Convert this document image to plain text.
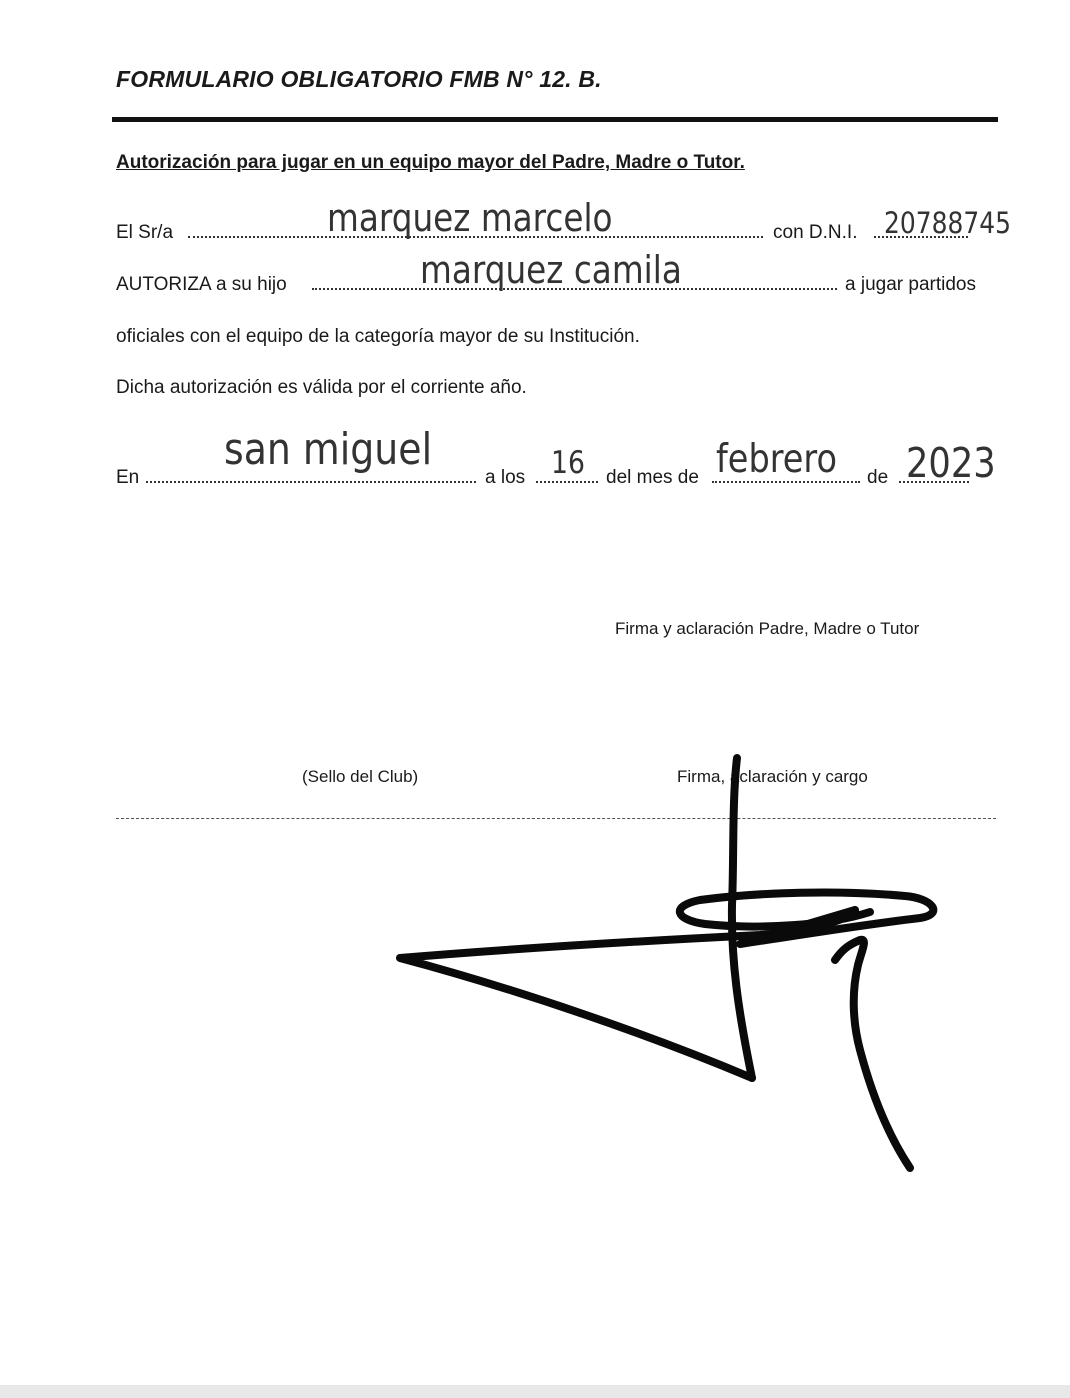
FORMULARIO OBLIGATORIO FMB N° 12. B.
Autorización para jugar en un equipo mayor del Padre, Madre o Tutor.
El Sr/a	marquez marcelo	con D.N.I. 20788745
AUTORIZA a su hijo	marquez camila	a jugar partidos
oficiales con el equipo de la categoría mayor de su Institución.
Dicha autorización es válida por el corriente año.
En
san miguel
a los 16 del mes de febrero de 2023
Firma y aclaración Padre, Madre o Tutor
(Sello del Club)	Firma, aclaración y cargo
